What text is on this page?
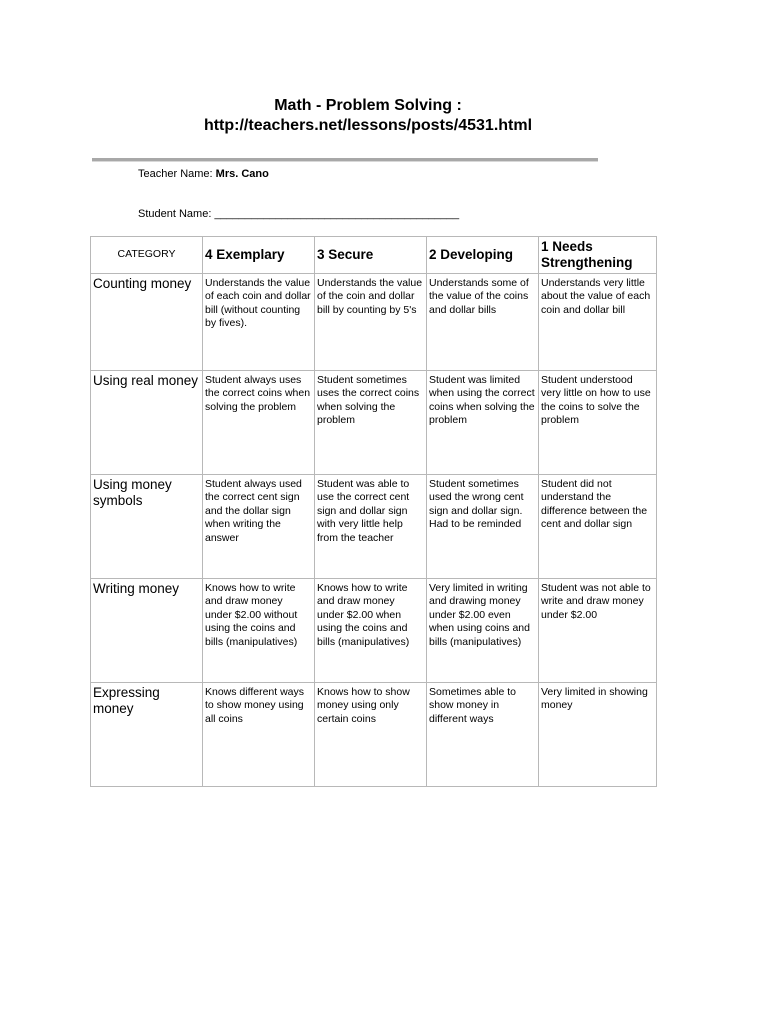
Math - Problem Solving :
http://teachers.net/lessons/posts/4531.html
Teacher Name: Mrs. Cano
Student Name: ________________________________________
CATEGORY	4 Exemplary	3 Secure	2 Developing	1 Needs Strengthening
Counting money	Understands the value of each coin and dollar bill (without counting by fives).	Understands the value of the coin and dollar bill by counting by 5's	Understands some of the value of the coins and dollar bills	Understands very little about the value of each coin and dollar bill
Using real money	Student always uses the correct coins when solving the problem	Student sometimes uses the correct coins when solving the problem	Student was limited when using the correct coins when solving the problem	Student understood very little on how to use the coins to solve the problem
Using money symbols	Student always used the correct cent sign and the dollar sign when writing the answer	Student was able to use the correct cent sign and dollar sign with very little help from the teacher	Student sometimes used the wrong cent sign and dollar sign. Had to be reminded	Student did not understand the difference between the cent and dollar sign
Writing money	Knows how to write and draw money under $2.00 without using the coins and bills (manipulatives)	Knows how to write and draw money under $2.00 when using the coins and bills (manipulatives)	Very limited in writing and drawing money under $2.00 even when using coins and bills (manipulatives)	Student was not able to write and draw money under $2.00
Expressing money	Knows different ways to show money using all coins	Knows how to show money using only certain coins	Sometimes able to show money in different ways	Very limited in showing money
